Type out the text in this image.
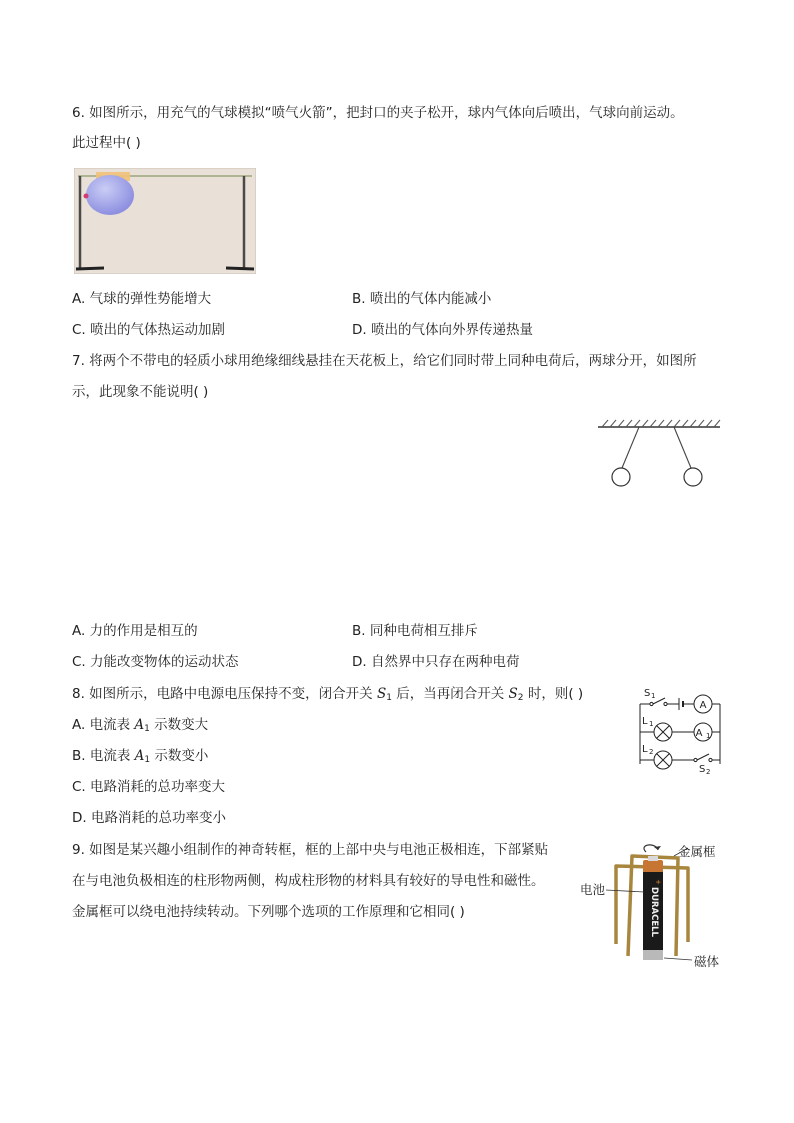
6. 如图所示，用充气的气球模拟“喷气火箭”，把封口的夹子松开，球内气体向后喷出，气球向前运动。
此过程中( )
A. 气球的弹性势能增大	B. 喷出的气体内能减小
C. 喷出的气体热运动加剧	D. 喷出的气体向外界传递热量
7. 将两个不带电的轻质小球用绝缘细线悬挂在天花板上，给它们同时带上同种电荷后，两球分开，如图所
示，此现象不能说明( )
A. 力的作用是相互的	B. 同种电荷相互排斥
C. 力能改变物体的运动状态	D. 自然界中只存在两种电荷
8. 如图所示，电路中电源电压保持不变，闭合开关 $S_1$ 后，当再闭合开关 $S_2$ 时，则( )
A. 电流表 $A_1$ 示数变大
B. 电流表 $A_1$ 示数变小
C. 电路消耗的总功率变大
D. 电路消耗的总功率变小
A
A 1
S 1
L 1
L 2
S 2
9. 如图是某兴趣小组制作的神奇转框，框的上部中央与电池正极相连，下部紧贴
在与电池负极相连的柱形物两侧，构成柱形物的材料具有较好的导电性和磁性。
金属框可以绕电池持续转动。下列哪个选项的工作原理和它相同( )
+
DURACELL
金属框
电池
磁体
